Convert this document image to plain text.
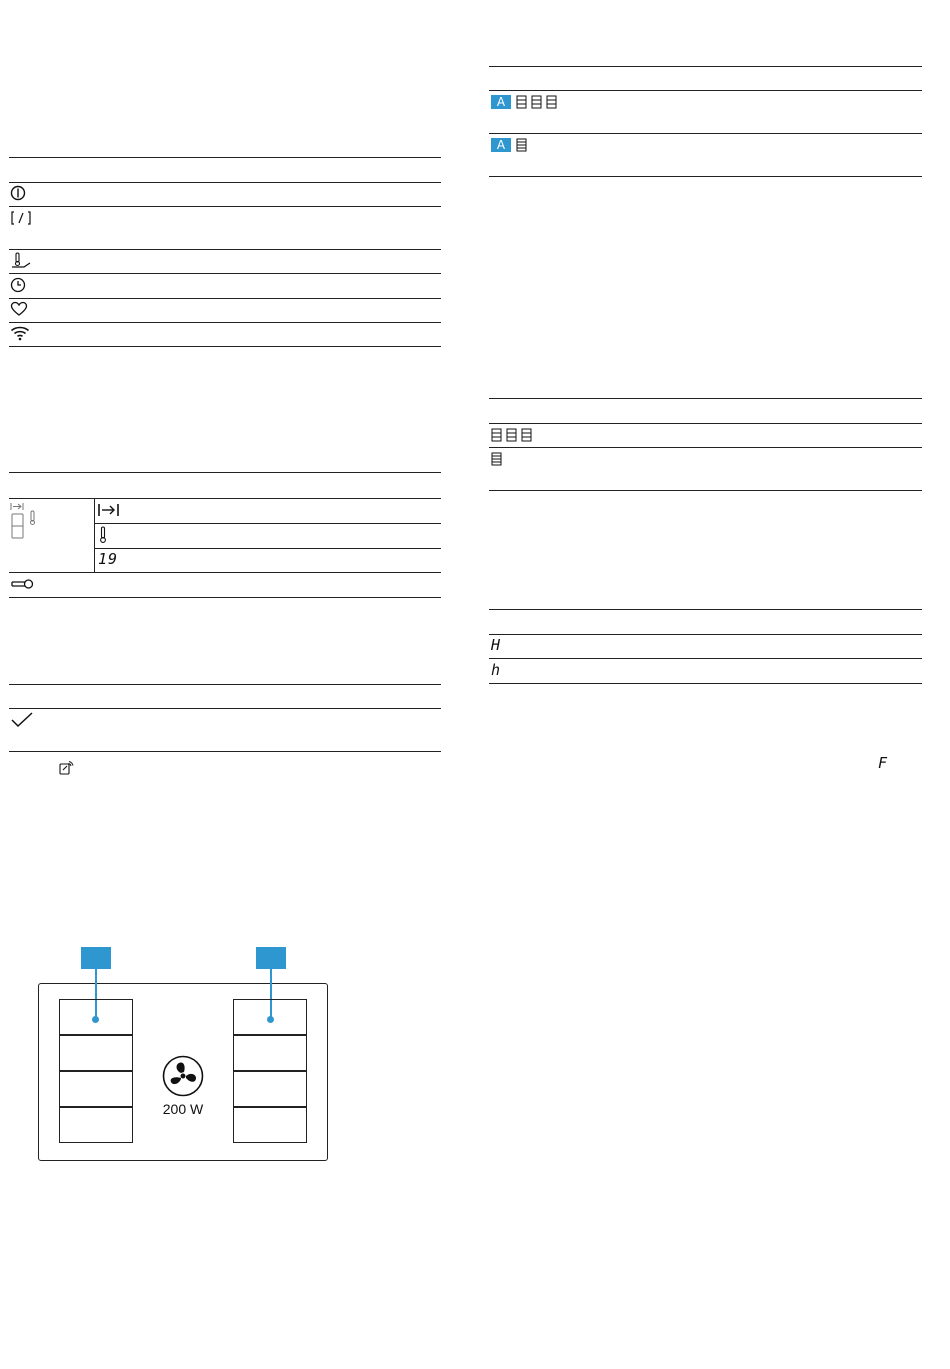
19
200 W
A
A
H
h
F
